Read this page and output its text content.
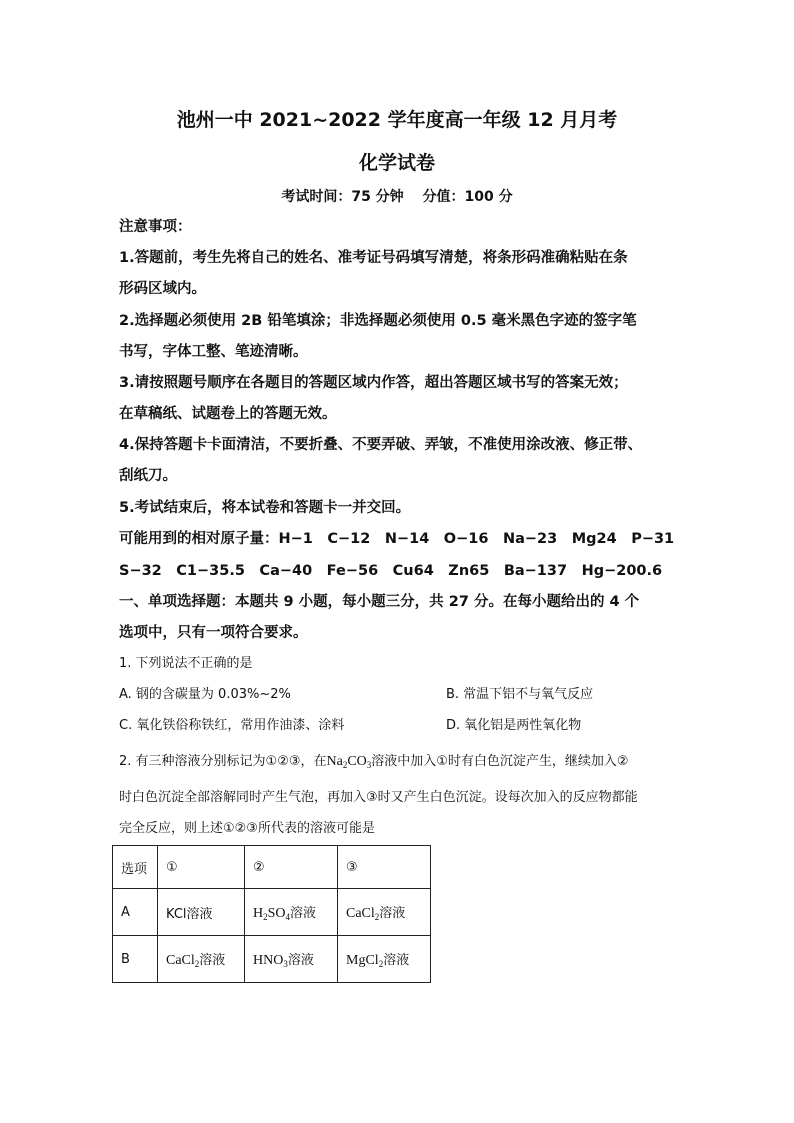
池州一中 2021~2022 学年度高一年级 12 月月考
化学试卷
考试时间：75 分钟　 分值：100 分
注意事项：
1.答题前，考生先将自己的姓名、准考证号码填写清楚，将条形码准确粘贴在条
形码区域内。
2.选择题必须使用 2B 铅笔填涂；非选择题必须使用 0.5 毫米黑色字迹的签字笔
书写，字体工整、笔迹清晰。
3.请按照题号顺序在各题目的答题区域内作答，超出答题区域书写的答案无效；
在草稿纸、试题卷上的答题无效。
4.保持答题卡卡面清洁，不要折叠、不要弄破、弄皱，不准使用涂改液、修正带、
刮纸刀。
5.考试结束后，将本试卷和答题卡一并交回。
可能用到的相对原子量：H−1　C−12　N−14　O−16　Na−23　Mg24　P−31
S−32　C1−35.5　Ca−40　Fe−56　Cu64　Zn65　Ba−137　Hg−200.6
一、单项选择题：本题共 9 小题，每小题三分，共 27 分。在每小题给出的 4 个
选项中，只有一项符合要求。
1. 下列说法不正确的是
A. 钢的含碳量为 0.03%~2%	B. 常温下铝不与氧气反应
C. 氧化铁俗称铁红，常用作油漆、涂料	D. 氧化铝是两性氧化物
2. 有三种溶液分别标记为①②③，在$Na_2CO_3$溶液中加入①时有白色沉淀产生，继续加入②
时白色沉淀全部溶解同时产生气泡，再加入③时又产生白色沉淀。设每次加入的反应物都能
完全反应，则上述①②③所代表的溶液可能是
选项	①	②	③
A	KCl溶液	$H_2SO_4$溶液	CaCl$_2$溶液
B	CaCl$_2$溶液	$HNO_3$溶液	MgCl$_2$溶液
